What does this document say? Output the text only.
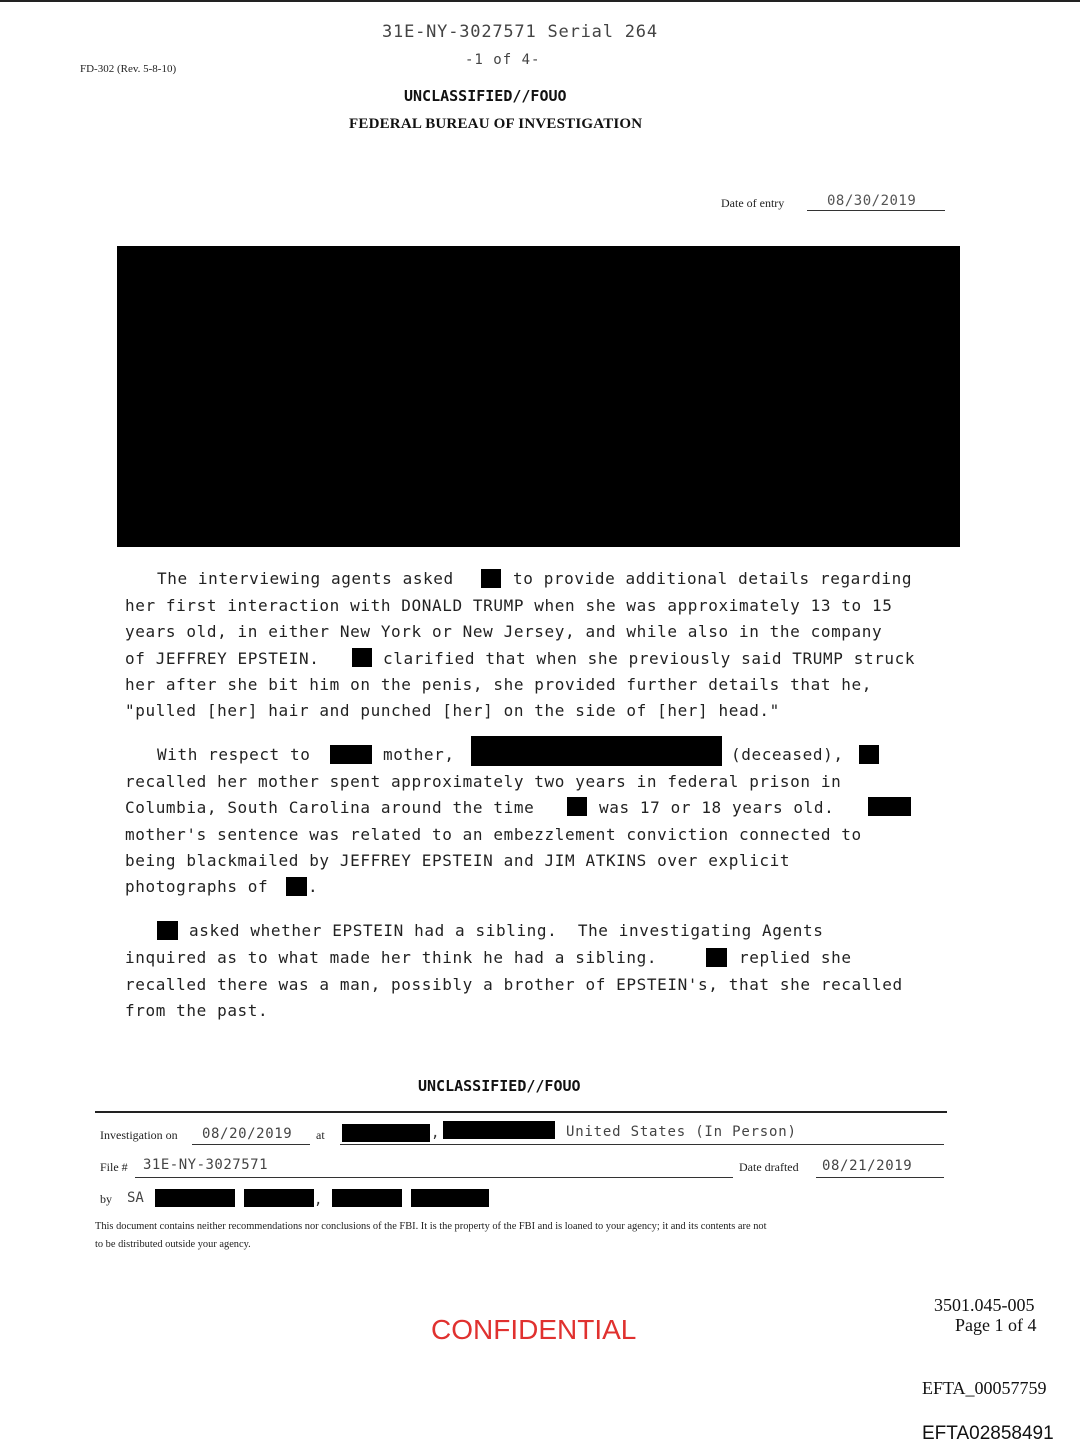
31E-NY-3027571 Serial 264
-1 of 4-
FD-302 (Rev. 5-8-10)
UNCLASSIFIED//FOUO
FEDERAL BUREAU OF INVESTIGATION
Date of entry	08/30/2019
The interviewing agents asked	to provide additional details regarding
her first interaction with DONALD TRUMP when she was approximately 13 to 15
years old, in either New York or New Jersey, and while also in the company
of JEFFREY EPSTEIN.	clarified that when she previously said TRUMP struck
her after she bit him on the penis, she provided further details that he,
"pulled [her] hair and punched [her] on the side of [her] head."
With respect to	mother,	(deceased),
recalled her mother spent approximately two years in federal prison in
Columbia, South Carolina around the time	was 17 or 18 years old.
mother's sentence was related to an embezzlement conviction connected to
being blackmailed by JEFFREY EPSTEIN and JIM ATKINS over explicit
photographs of .
asked whether EPSTEIN had a sibling.  The investigating Agents
inquired as to what made her think he had a sibling.	replied she
recalled there was a man, possibly a brother of EPSTEIN's, that she recalled
from the past.
UNCLASSIFIED//FOUO
Investigation on 08/20/2019 at	,	United States (In Person)
File # 31E-NY-3027571	Date drafted 08/21/2019
by SA	,
This document contains neither recommendations nor conclusions of the FBI. It is the property of the FBI and is loaned to your agency; it and its contents are not
to be distributed outside your agency.
CONFIDENTIAL
3501.045-005
Page 1 of 4
EFTA_00057759
EFTA02858491
